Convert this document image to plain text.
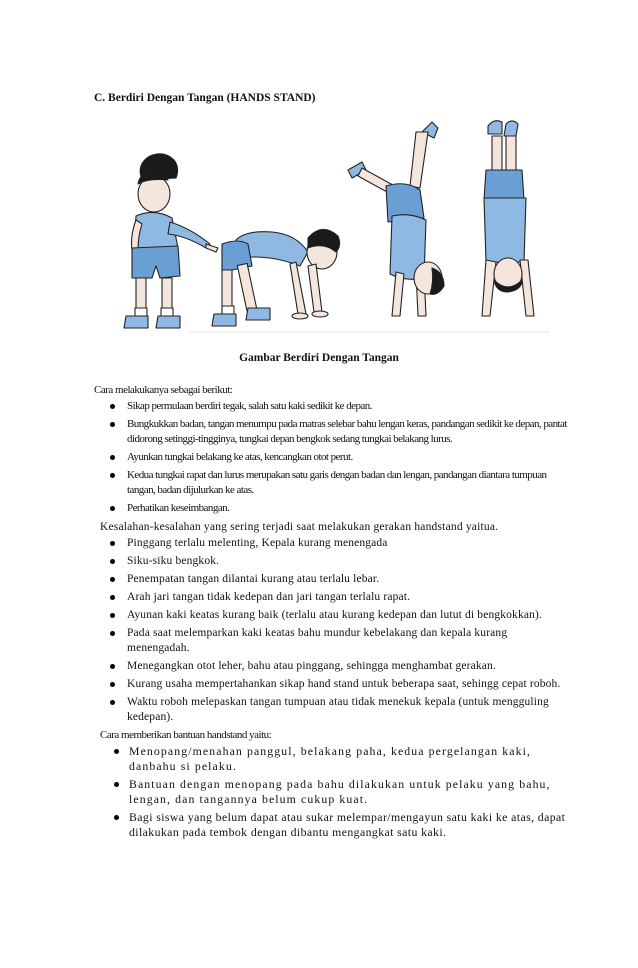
C. Berdiri Dengan Tangan (HANDS STAND)
Gambar Berdiri Dengan Tangan

Cara melakukanya sebagai berikut:

Sikap permulaan berdiri tegak, salah satu kaki sedikit ke depan.
Bungkukkan badan, tangan menumpu pada matras selebar bahu lengan keras, pandangan sedikit ke depan, pantat didorong setinggi-tingginya, tungkai depan bengkok sedang tungkai belakang lurus.
Ayunkan tungkai belakang ke atas, kencangkan otot perut.
Kedua tungkai rapat dan lurus merupakan satu garis dengan badan dan lengan, pandangan diantara tumpuan tangan, badan dijulurkan ke atas.
Perhatikan keseimbangan.

Kesalahan-kesalahan yang sering terjadi saat melakukan gerakan handstand yaitua.

Pinggang terlalu melenting, Kepala kurang menengada
Siku-siku bengkok.
Penempatan tangan dilantai kurang atau terlalu lebar.
Arah jari tangan tidak kedepan dan jari tangan terlalu rapat.
Ayunan kaki keatas kurang baik (terlalu atau kurang kedepan dan lutut di bengkokkan).
Pada saat melemparkan kaki keatas bahu mundur kebelakang dan kepala kurang menengadah.
Menegangkan otot leher, bahu atau pinggang, sehingga menghambat gerakan.
Kurang usaha mempertahankan sikap hand stand untuk beberapa saat, sehingg cepat roboh.
Waktu roboh melepaskan tangan tumpuan atau tidak menekuk kepala (untuk mengguling kedepan).

Cara memberikan bantuan handstand yaitu:

Menopang/menahan panggul, belakang paha, kedua pergelangan kaki, danbahu si pelaku.
Bantuan dengan menopang pada bahu dilakukan untuk pelaku yang bahu, lengan, dan tangannya belum cukup kuat.
Bagi siswa yang belum dapat atau sukar melempar/mengayun satu kaki ke atas, dapat dilakukan pada tembok dengan dibantu mengangkat satu kaki.
